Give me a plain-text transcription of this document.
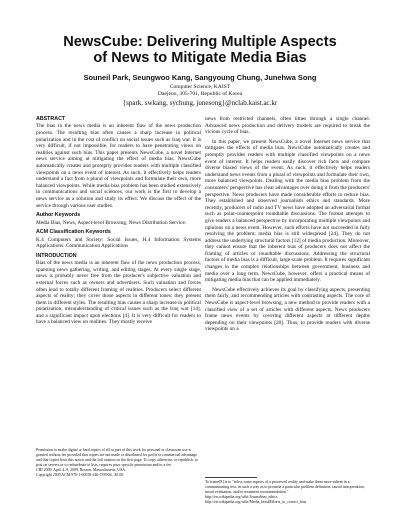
NewsCube: Delivering Multiple Aspects
of News to Mitigate Media Bias
Souneil Park, Seungwoo Kang, Sangyoung Chung, Junehwa Song
Computer Science, KAIST
Daejeon, 305-701, Republic of Korea
{spark, swkang, sychung, junesong}@nclab.kaist.ac.kr
ABSTRACT

The bias in the news media is an inherent flaw of the news production process. The resulting bias often causes a sharp increase in political polarization and in the cost of conflict on social issues such as Iraq war. It is very difficult, if not impossible, for readers to have penetrating views on realities against such bias. This paper presents NewsCube, a novel Internet news service aiming at mitigating the effect of media bias. NewsCube automatically creates and promptly provides readers with multiple classified viewpoints on a news event of interest. As such, it effectively helps readers understand a fact from a plural of viewpoints and formulate their own, more balanced viewpoints. While media bias problem has been studied extensively in communications and social sciences, our work is the first to develop a news service as a solution and study its effect. We discuss the effect of the service through various user studies.

Author Keywords

Media Bias, News, Aspect-level Browsing, News Distribution Service.

ACM Classification Keywords

K.4 Computers and Society: Social Issues, H.4 Information Systems Applications: Communication Applications

INTRODUCTION

Bias of the news media is an inherent flaw of the news production process, spanning news gathering, writing, and editing stages. At every single stage, news is probably never free from the producer's subjective valuation and external forces such as owners and advertisers. Such valuation and forces often lead to totally different framing of realities. Producers select different aspects of reality; they cover those aspects in different tones; they present them in different styles. The resulting bias causes a sharp increase in political polarization, misunderstanding of critical issues such as the Iraq war [14], and a significant impact upon elections [4]. It is very difficult for readers to have a balanced view on realities. They mostly receive

news from restricted channels, often times through a single channel. Advanced news production and delivery models are required to break the vicious cycle of bias.

In this paper, we present NewsCube, a novel Internet news service that mitigates the effects of media bias. NewsCube automatically creates and promptly provides readers with multiple classified viewpoints on a news event of interest. It helps readers easily discover rich facts and compare diverse biased views of the event. As such, it effectively helps readers understand news events from a plural of viewpoints and formulate their own, more balanced viewpoints. Dealing with the media bias problem from the consumers' perspective has clear advantages over doing it from the producers' perspective. News producers have made considerable efforts to reduce bias. They established and observed journalism ethics and standards. More recently, producers of radio and TV news have adopted an adversarial format such as point-counterpoint roundtable discussions. The format attempts to give readers a balanced perspective by incorporating multiple viewpoints and opinions on a news event. However, such efforts have not succeeded in fully resolving the problem; media bias is still widespread [24]. They do not address the underlying structural factors [12] of media production. Moreover, they cannot ensure that the inherent bias of producers does not affect the framing of articles or roundtable discussions. Addressing the structural factors of media bias is a difficult, large-scale problem. It requires significant changes in the complex relationships between government, business and media over a long term. NewsCube, however, offers a practical means of mitigating media bias that can be applied immediately.

NewsCube effectively achieves its goal by classifying aspects, presenting them fairly, and recommending articles with contrasting aspects. The core of NewsCube is aspect-level browsing, a new method to provide readers with a classified view of a set of articles with different aspects. News producers frame news events by covering different aspects at different depths depending on their viewpoints [20]. Thus, to provide readers with diverse viewpoints on a

Permission to make digital or hard copies of all or part of this work for personal or classroom use is granted without fee provided that copies are not made or distributed for profit or commercial advantage and that copies bear this notice and the full citation on the first page. To copy otherwise, or republish, to post on servers or to redistribute to lists, requires prior specific permission and/or a fee.
CHI 2009, April 4–9, 2009, Boston, Massachusetts, USA.
Copyright 2009 ACM 978-1-60558-246-7/09/04...$5.00.
To frame[8] is to "select some aspects of a perceived reality and make them more salient in a communicating text, in such a way as to promote a particular problem definition, causal interpretation, moral evaluation, and/or treatment recommendation."
http://en.wikipedia.org/wiki/Journalism_ethics
http://en.wikipedia.org/wiki/Media_bias#Efforts_to_correct_bias
